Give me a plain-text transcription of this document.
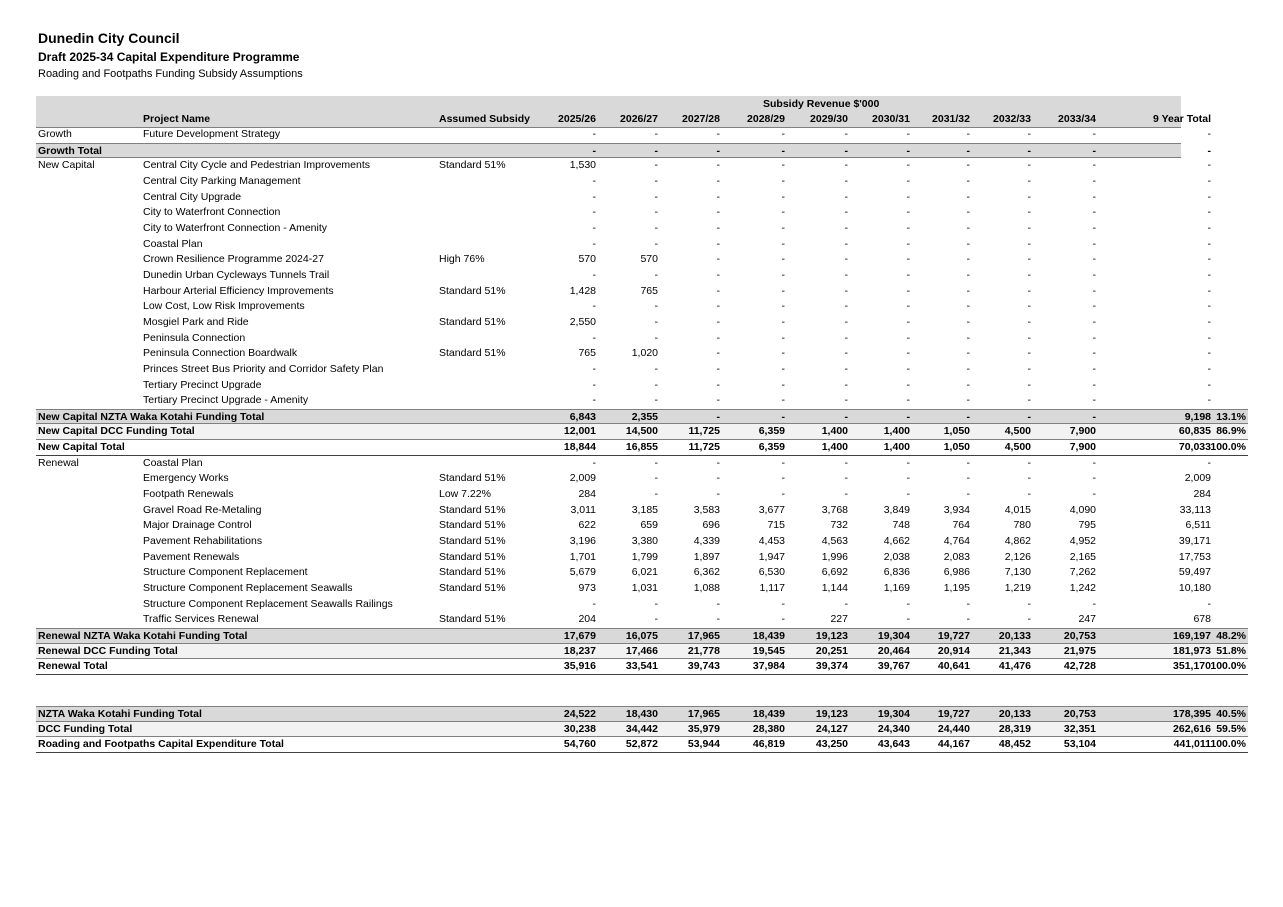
Dunedin City Council
Draft 2025-34 Capital Expenditure Programme
Roading and Footpaths Funding Subsidy Assumptions
Subsidy Revenue $'000
Project Name	Assumed Subsidy	2025/26	2026/27	2027/28	2028/29	2029/30	2030/31	2031/32	2032/33	2033/34	9 Year Total
Growth	Future Development Strategy	-	-	-	-	-	-	-	-	-	-
Growth Total	-	-	-	-	-	-	-	-	-	-
New Capital	Central City Cycle and Pedestrian Improvements	Standard 51%	1,530	-	-	-	-	-	-	-	-	-
Central City Parking Management	-	-	-	-	-	-	-	-	-	-
Central City Upgrade	-	-	-	-	-	-	-	-	-	-
City to Waterfront Connection	-	-	-	-	-	-	-	-	-	-
City to Waterfront Connection - Amenity	-	-	-	-	-	-	-	-	-	-
Coastal Plan	-	-	-	-	-	-	-	-	-	-
Crown Resilience Programme 2024-27	High 76%	570	570	-	-	-	-	-	-	-	-
Dunedin Urban Cycleways Tunnels Trail	-	-	-	-	-	-	-	-	-	-
Harbour Arterial Efficiency Improvements	Standard 51%	1,428	765	-	-	-	-	-	-	-	-
Low Cost, Low Risk Improvements	-	-	-	-	-	-	-	-	-	-
Mosgiel Park and Ride	Standard 51%	2,550	-	-	-	-	-	-	-	-	-
Peninsula Connection	-	-	-	-	-	-	-	-	-	-
Peninsula Connection Boardwalk	Standard 51%	765	1,020	-	-	-	-	-	-	-	-
Princes Street Bus Priority and Corridor Safety Plan	-	-	-	-	-	-	-	-	-	-
Tertiary Precinct Upgrade	-	-	-	-	-	-	-	-	-	-
Tertiary Precinct Upgrade - Amenity	-	-	-	-	-	-	-	-	-	-
New Capital NZTA Waka Kotahi Funding Total	6,843	2,355	-	-	-	-	-	-	-	9,198 13.1%
New Capital DCC Funding Total	12,001	14,500	11,725	6,359	1,400	1,400	1,050	4,500	7,900	60,835 86.9%
New Capital Total	18,844	16,855	11,725	6,359	1,400	1,400	1,050	4,500	7,900	70,033 100.0%
Renewal	Coastal Plan	-	-	-	-	-	-	-	-	-	-
Emergency Works	Standard 51%	2,009	-	-	-	-	-	-	-	-	2,009
Footpath Renewals	Low 7.22%	284	-	-	-	-	-	-	-	-	284
Gravel Road Re-Metaling	Standard 51%	3,011	3,185	3,583	3,677	3,768	3,849	3,934	4,015	4,090	33,113
Major Drainage Control	Standard 51%	622	659	696	715	732	748	764	780	795	6,511
Pavement Rehabilitations	Standard 51%	3,196	3,380	4,339	4,453	4,563	4,662	4,764	4,862	4,952	39,171
Pavement Renewals	Standard 51%	1,701	1,799	1,897	1,947	1,996	2,038	2,083	2,126	2,165	17,753
Structure Component Replacement	Standard 51%	5,679	6,021	6,362	6,530	6,692	6,836	6,986	7,130	7,262	59,497
Structure Component Replacement Seawalls	Standard 51%	973	1,031	1,088	1,117	1,144	1,169	1,195	1,219	1,242	10,180
Structure Component Replacement Seawalls Railings	-	-	-	-	-	-	-	-	-	-
Traffic Services Renewal	Standard 51%	204	-	-	-	227	-	-	-	247	678
Renewal NZTA Waka Kotahi Funding Total	17,679	16,075	17,965	18,439	19,123	19,304	19,727	20,133	20,753	169,197 48.2%
Renewal DCC Funding Total	18,237	17,466	21,778	19,545	20,251	20,464	20,914	21,343	21,975	181,973 51.8%
Renewal Total	35,916	33,541	39,743	37,984	39,374	39,767	40,641	41,476	42,728	351,170 100.0%
NZTA Waka Kotahi Funding Total	24,522	18,430	17,965	18,439	19,123	19,304	19,727	20,133	20,753	178,395 40.5%
DCC Funding Total	30,238	34,442	35,979	28,380	24,127	24,340	24,440	28,319	32,351	262,616 59.5%
Roading and Footpaths Capital Expenditure Total	54,760	52,872	53,944	46,819	43,250	43,643	44,167	48,452	53,104	441,011 100.0%
